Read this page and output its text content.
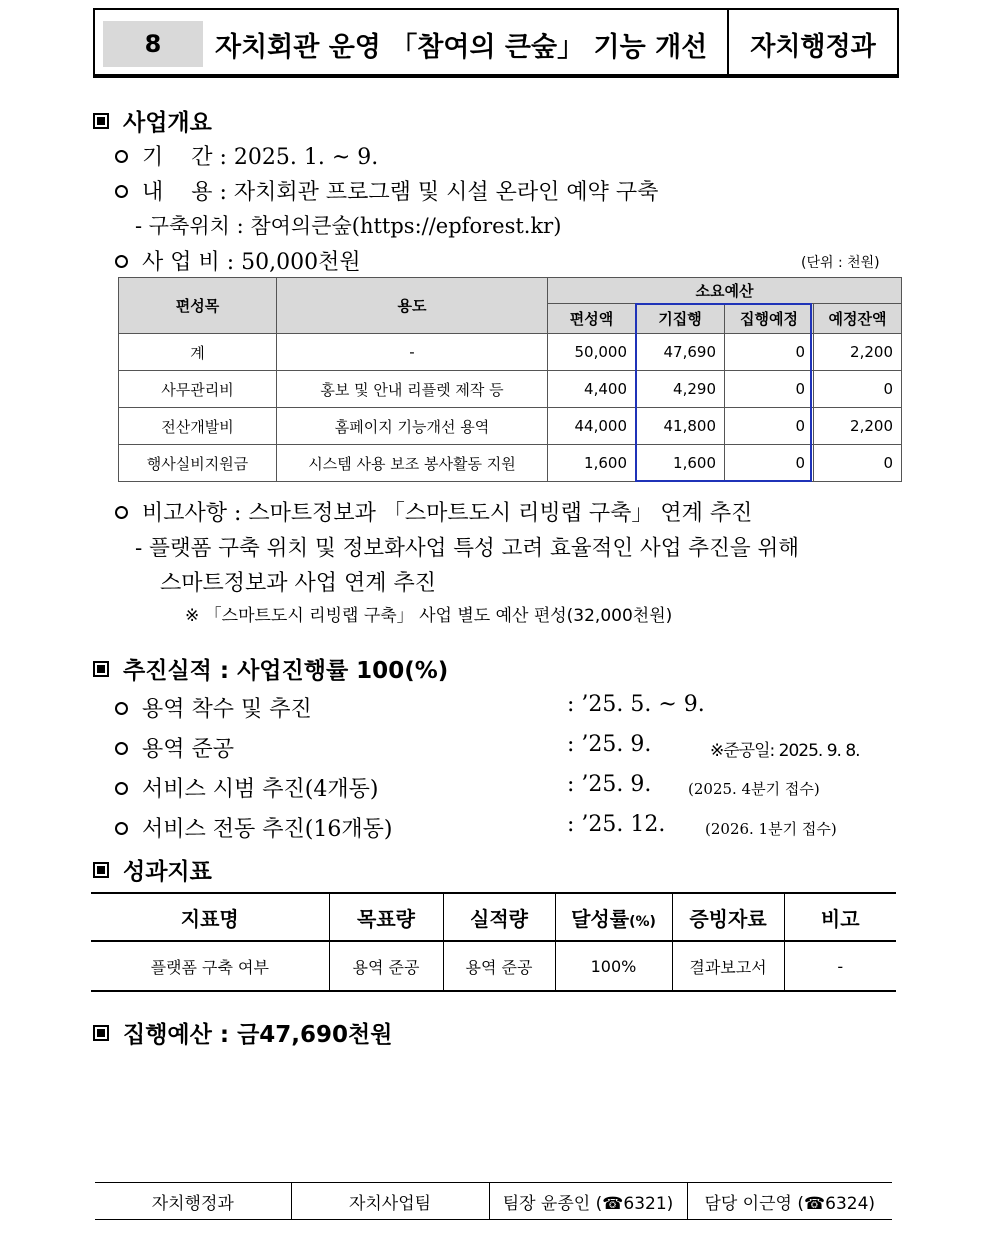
8	자치회관 운영 「참여의 큰숲」 기능 개선	자치행정과
사업개요
기    간 : 2025. 1. ~ 9.
내    용 : 자치회관 프로그램 및 시설 온라인 예약 구축
- 구축위치 : 참여의큰숲(https://epforest.kr)
사 업 비 : 50,000천원	(단위 : 천원)
편성목	용도	소요예산			
		편성액	기집행	집행예정	예정잔액
계	-	50,000	47,690	0	2,200
사무관리비	홍보 및 안내 리플렛 제작 등	4,400	4,290	0	0
전산개발비	홈페이지 기능개선 용역	44,000	41,800	0	2,200
행사실비지원금	시스템 사용 보조 봉사활동 지원	1,600	1,600	0	0
비고사항 : 스마트정보과 「스마트도시 리빙랩 구축」 연계 추진
- 플랫폼 구축 위치 및 정보화사업 특성 고려 효율적인 사업 추진을 위해
스마트정보과 사업 연계 추진
※ 「스마트도시 리빙랩 구축」 사업 별도 예산 편성(32,000천원)
추진실적 : 사업진행률 100(%)
용역 착수 및 추진	: ’25. 5. ~ 9.
용역 준공	: ’25. 9.	※준공일: 2025. 9. 8.
서비스 시범 추진(4개동)	: ’25. 9. (2025. 4분기 접수)
서비스 전동 추진(16개동)	: ’25. 12.	(2026. 1분기 접수)
성과지표
지표명	목표량	실적량	달성률(%)	증빙자료	비고
플랫폼 구축 여부	용역 준공	용역 준공	100%	결과보고서	-
집행예산 : 금47,690천원
자치행정과	자치사업팀	팀장 윤종인 (☎6321)	담당 이근영 (☎6324)
